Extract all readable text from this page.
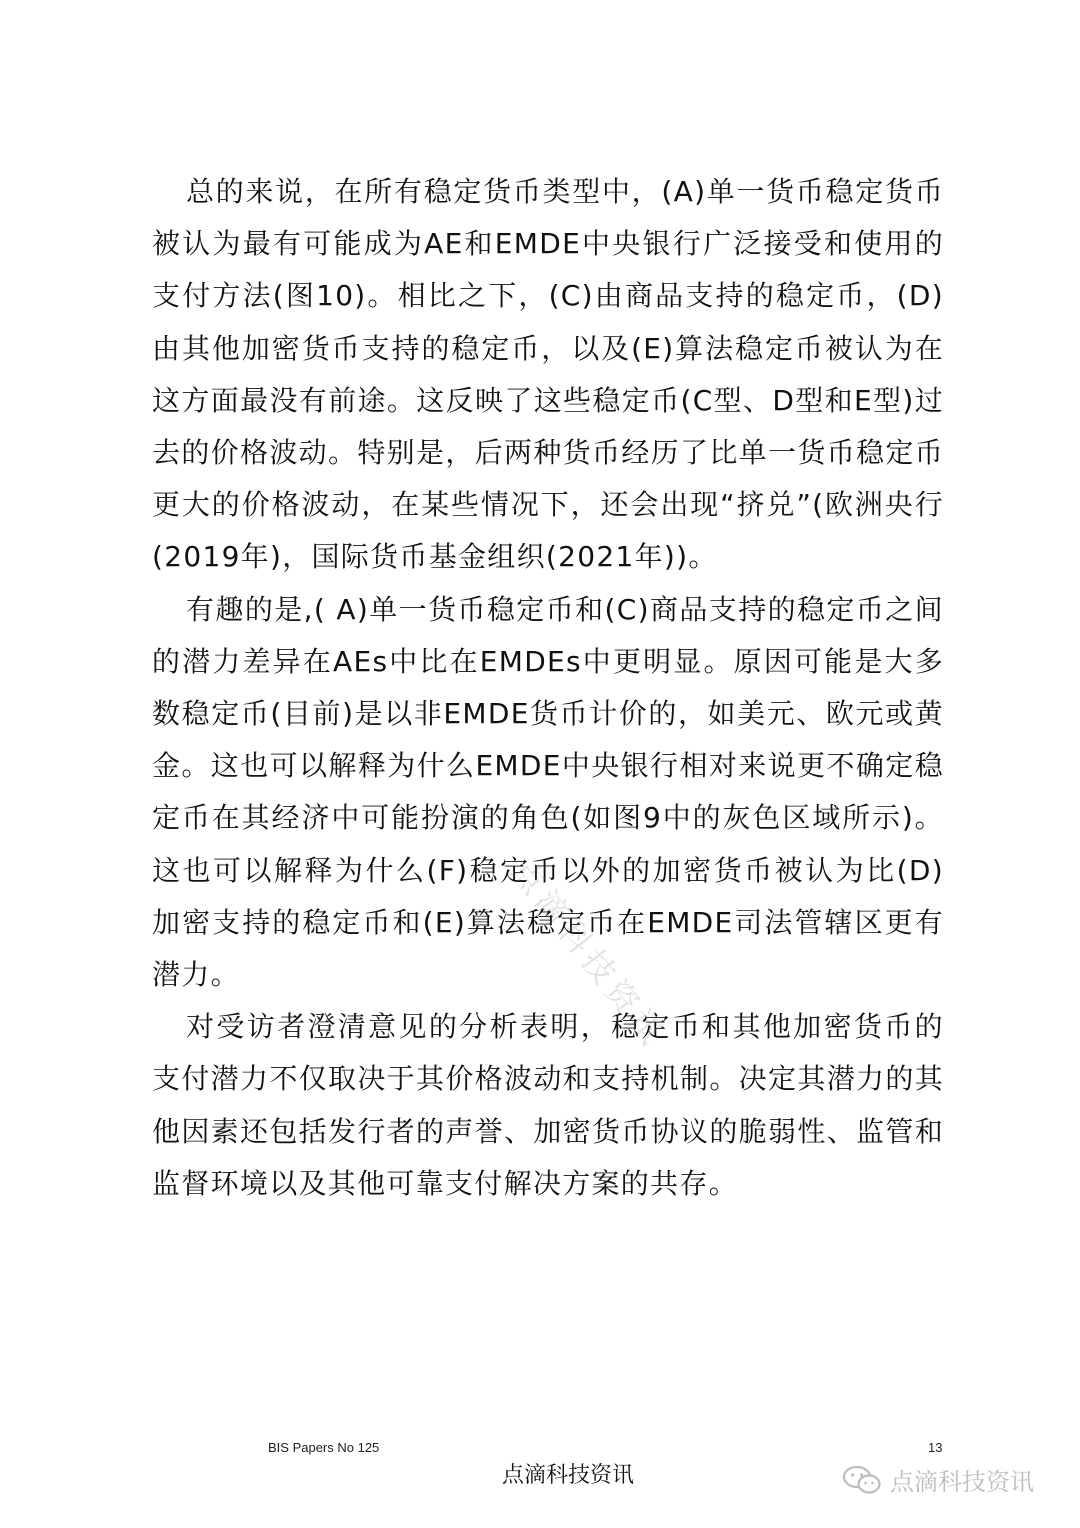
总的来说，在所有稳定货币类型中，(A)单一货币稳定货币被认为最有可能成为AE和EMDE中央银行广泛接受和使用的支付方法(图10)。相比之下，(C)由商品支持的稳定币，(D)由其他加密货币支持的稳定币，以及(E)算法稳定币被认为在这方面最没有前途。这反映了这些稳定币(C型、D型和E型)过去的价格波动。特别是，后两种货币经历了比单一货币稳定币更大的价格波动，在某些情况下，还会出现“挤兑”(欧洲央行(2019年)，国际货币基金组织(2021年))。

有趣的是,( A)单一货币稳定币和(C)商品支持的稳定币之间的潜力差异在AEs中比在EMDEs中更明显。原因可能是大多数稳定币(目前)是以非EMDE货币计价的，如美元、欧元或黄金。这也可以解释为什么EMDE中央银行相对来说更不确定稳定币在其经济中可能扮演的角色(如图9中的灰色区域所示)。这也可以解释为什么(F)稳定币以外的加密货币被认为比(D)加密支持的稳定币和(E)算法稳定币在EMDE司法管辖区更有潜力。

对受访者澄清意见的分析表明，稳定币和其他加密货币的支付潜力不仅取决于其价格波动和支持机制。决定其潜力的其他因素还包括发行者的声誉、加密货币协议的脆弱性、监管和监督环境以及其他可靠支付解决方案的共存。

点滴科技资讯
BIS Papers No 125	13
点滴科技资讯	点滴科技资讯
